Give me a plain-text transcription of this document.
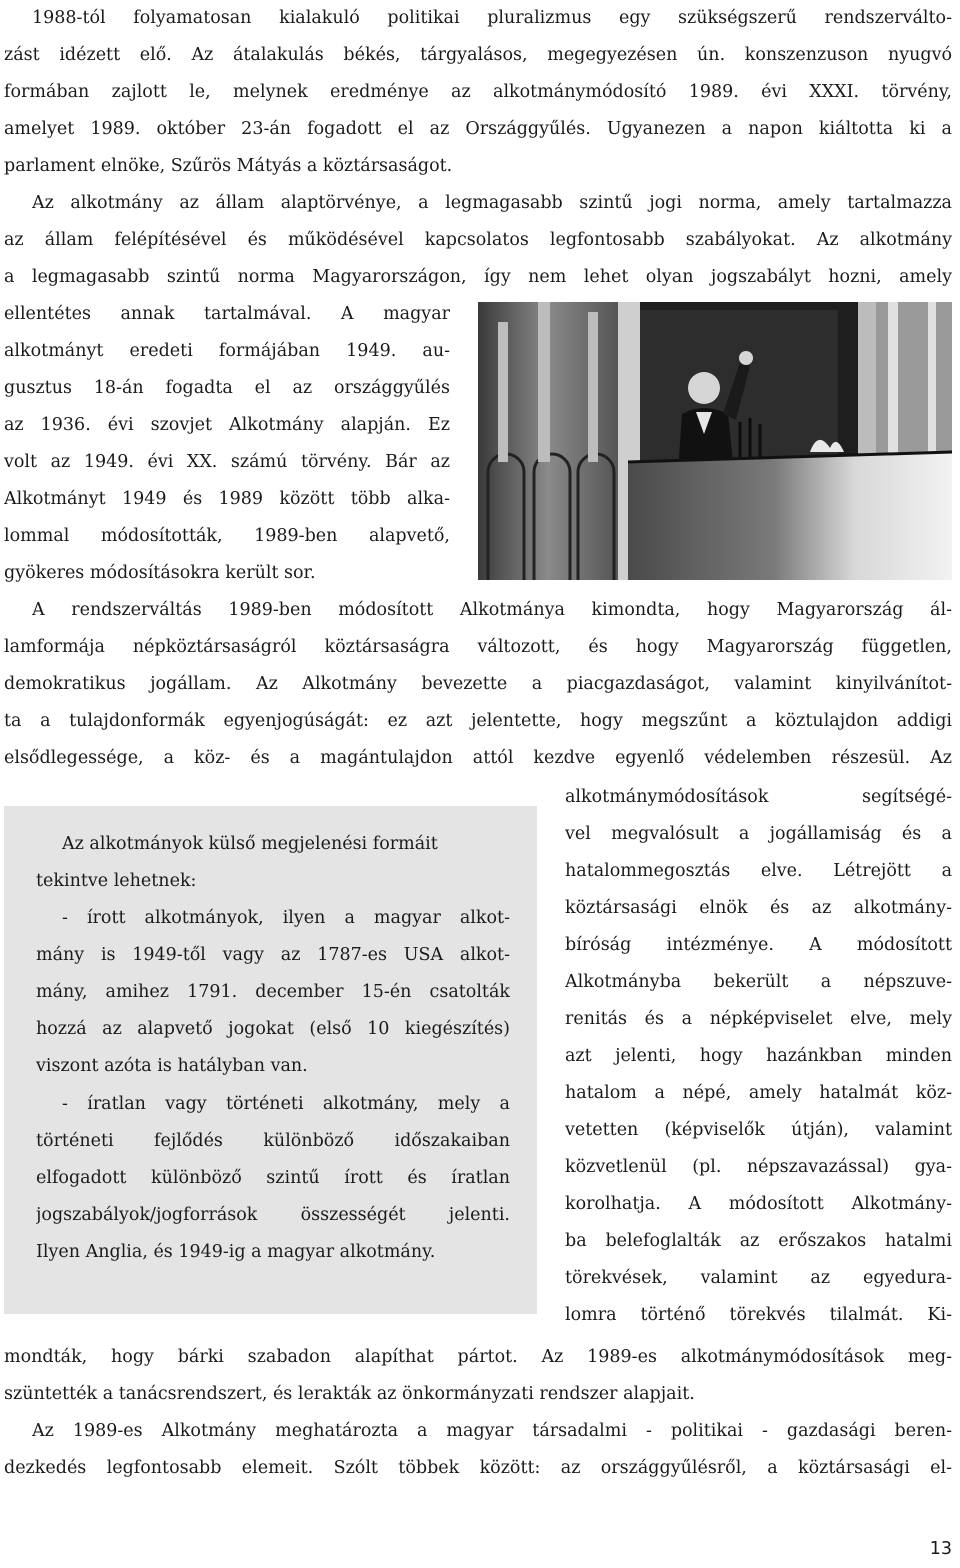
1988-tól folyamatosan kialakuló politikai pluralizmus egy szükségszerű rendszerválto-
zást idézett elő. Az átalakulás békés, tárgyalásos, megegyezésen ún. konszenzuson nyugvó
formában zajlott le, melynek eredménye az alkotmánymódosító 1989. évi XXXI. törvény,
amelyet 1989. október 23-án fogadott el az Országgyűlés. Ugyanezen a napon kiáltotta ki a
parlament elnöke, Szűrös Mátyás a köztársaságot.
Az alkotmány az állam alaptörvénye, a legmagasabb szintű jogi norma, amely tartalmazza
az állam felépítésével és működésével kapcsolatos legfontosabb szabályokat. Az alkotmány
a legmagasabb szintű norma Magyarországon, így nem lehet olyan jogszabályt hozni, amely
ellentétes annak tartalmával. A magyar
alkotmányt eredeti formájában 1949. au-
gusztus 18-án fogadta el az országgyűlés
az 1936. évi szovjet Alkotmány alapján. Ez
volt az 1949. évi XX. számú törvény. Bár az
Alkotmányt 1949 és 1989 között több alka-
lommal módosították, 1989-ben alapvető,
gyökeres módosításokra került sor.
A rendszerváltás 1989-ben módosított Alkotmánya kimondta, hogy Magyarország ál-
lamformája népköztársaságról köztársaságra változott, és hogy Magyarország független,
demokratikus jogállam. Az Alkotmány bevezette a piacgazdaságot, valamint kinyilvánítot-
ta a tulajdonformák egyenjogúságát: ez azt jelentette, hogy megszűnt a köztulajdon addigi
elsődlegessége, a köz- és a magántulajdon attól kezdve egyenlő védelemben részesül. Az
alkotmánymódosítások segítségé-
vel megvalósult a jogállamiság és a
hatalommegosztás elve. Létrejött a
köztársasági elnök és az alkotmány-
bíróság intézménye. A módosított
Alkotmányba bekerült a népszuve-
renitás és a népképviselet elve, mely
azt jelenti, hogy hazánkban minden
hatalom a népé, amely hatalmát köz-
vetetten (képviselők útján), valamint
közvetlenül (pl. népszavazással) gya-
korolhatja. A módosított Alkotmány-
ba belefoglalták az erőszakos hatalmi
törekvések, valamint az egyedura-
lomra történő törekvés tilalmát. Ki-
mondták, hogy bárki szabadon alapíthat pártot. Az 1989-es alkotmánymódosítások meg-
szüntették a tanácsrendszert, és lerakták az önkormányzati rendszer alapjait.
Az alkotmányok külső megjelenési formáit
tekintve lehetnek:
- írott alkotmányok, ilyen a magyar alkot-
mány is 1949-től vagy az 1787-es USA alkot-
mány, amihez 1791. december 15-én csatolták
hozzá az alapvető jogokat (első 10 kiegészítés)
viszont azóta is hatályban van.
- íratlan vagy történeti alkotmány, mely a
történeti fejlődés különböző időszakaiban
elfogadott különböző szintű írott és íratlan
jogszabályok/jogforrások összességét jelenti.
Ilyen Anglia, és 1949-ig a magyar alkotmány.
Az 1989-es Alkotmány meghatározta a magyar társadalmi - politikai - gazdasági beren-
dezkedés legfontosabb elemeit. Szólt többek között: az országgyűlésről, a köztársasági el-
13
